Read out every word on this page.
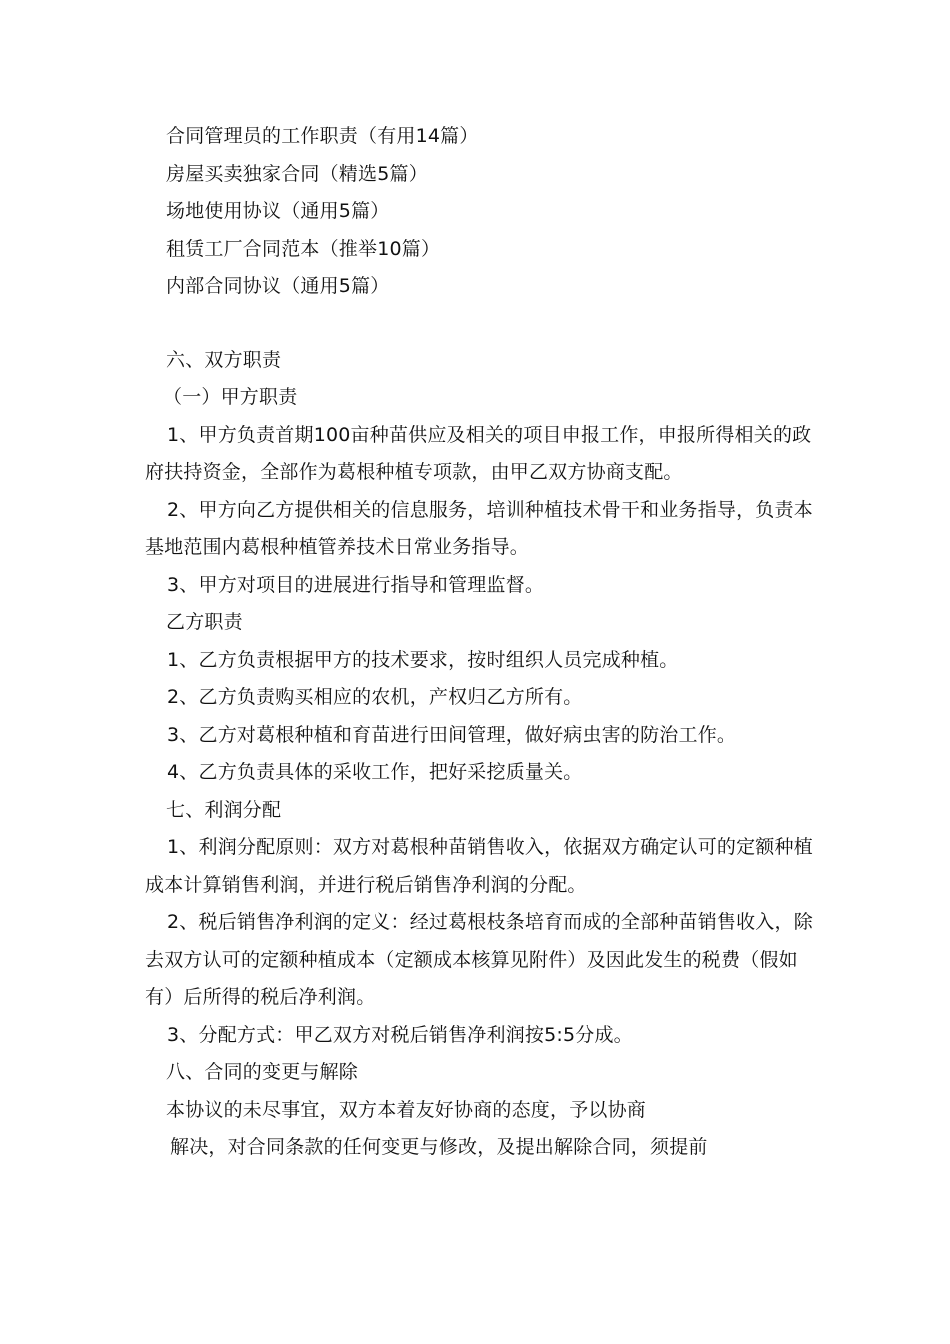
合同管理员的工作职责（有用14篇）
房屋买卖独家合同（精选5篇）
场地使用协议（通用5篇）
租赁工厂合同范本（推举10篇）
内部合同协议（通用5篇）
六、双方职责
（一）甲方职责
1、甲方负责首期100亩种苗供应及相关的项目申报工作，申报所得相关的政府扶持资金，全部作为葛根种植专项款，由甲乙双方协商支配。
2、甲方向乙方提供相关的信息服务，培训种植技术骨干和业务指导，负责本基地范围内葛根种植管养技术日常业务指导。
3、甲方对项目的进展进行指导和管理监督。
乙方职责
1、乙方负责根据甲方的技术要求，按时组织人员完成种植。
2、乙方负责购买相应的农机，产权归乙方所有。
3、乙方对葛根种植和育苗进行田间管理，做好病虫害的防治工作。
4、乙方负责具体的采收工作，把好采挖质量关。
七、利润分配
1、利润分配原则：双方对葛根种苗销售收入，依据双方确定认可的定额种植成本计算销售利润，并进行税后销售净利润的分配。
2、税后销售净利润的定义：经过葛根枝条培育而成的全部种苗销售收入，除去双方认可的定额种植成本（定额成本核算见附件）及因此发生的税费（假如有）后所得的税后净利润。
3、分配方式：甲乙双方对税后销售净利润按5:5分成。
八、合同的变更与解除
本协议的未尽事宜，双方本着友好协商的态度，予以协商
解决，对合同条款的任何变更与修改，及提出解除合同，须提前
